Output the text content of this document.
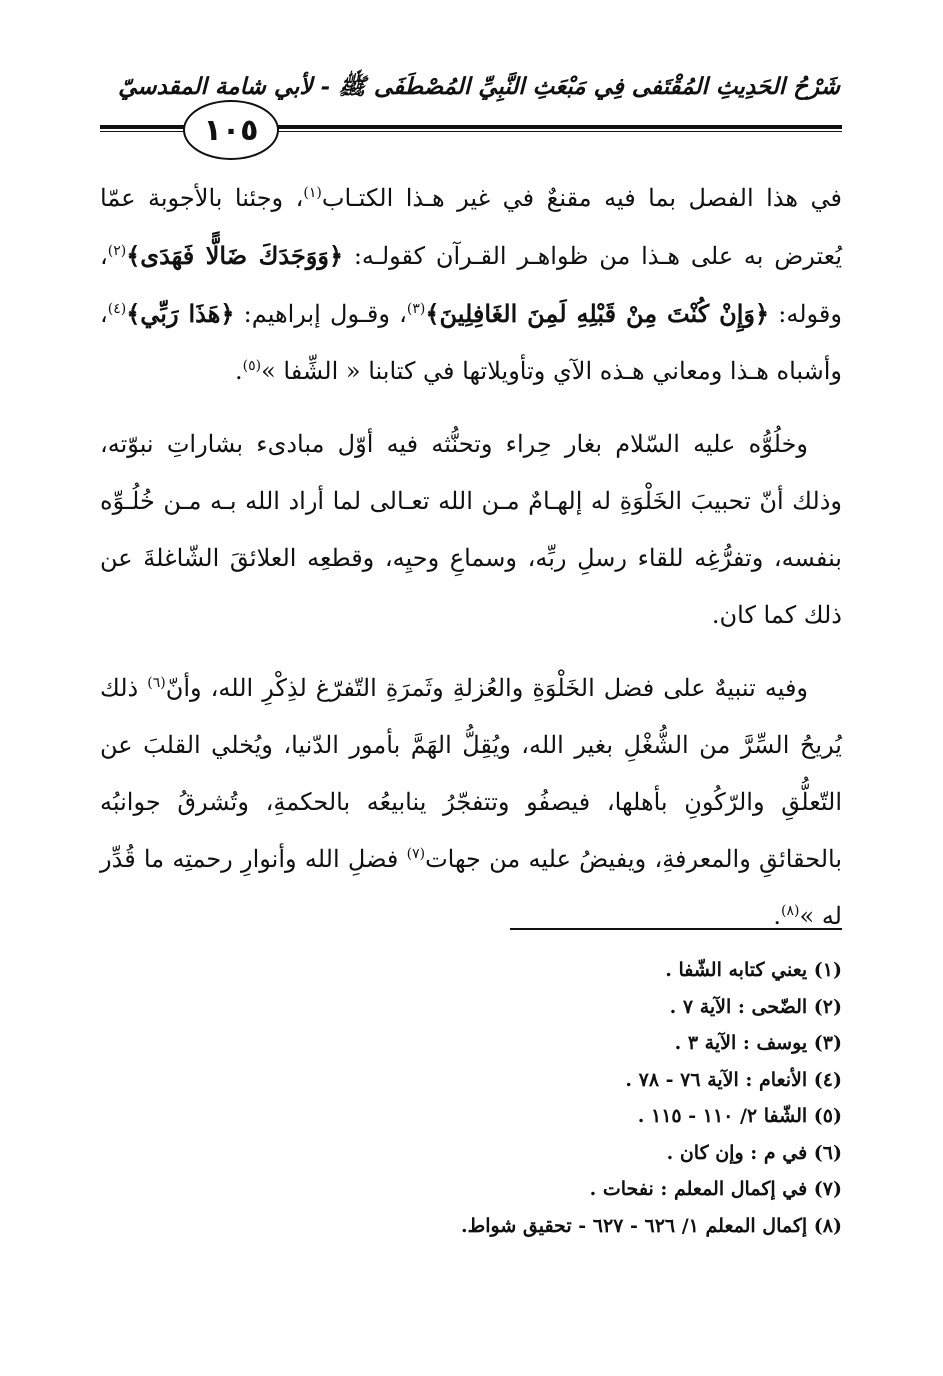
شَرْحُ الحَدِيثِ المُقْتَفى فِي مَبْعَثِ النَّبِيِّ المُصْطَفَى ﷺ - لأبي شامة المقدسيّ
١٠٥

في هذا الفصل بما فيه مقنعٌ في غير هـذا الكتـاب$^{(١)}$، وجئنا بالأجوبة عمّا يُعترض به على هـذا من ظواهـر القـرآن كقولـه: ﴿وَوَجَدَكَ ضَالًّا فَهَدَى﴾$^{(٢)}$، وقوله: ﴿وَإِنْ كُنْتَ مِنْ قَبْلِهِ لَمِنَ الغَافِلِينَ﴾$^{(٣)}$، وقـول إبراهيم: ﴿هَذَا رَبِّي﴾$^{(٤)}$، وأشباه هـذا ومعاني هـذه الآي وتأويلاتها في كتابنا « الشِّفا »$^{(٥)}$.

وخلُوُّه عليه السّلام بغار حِراء وتحنُّثه فيه أوّل مبادىء بشاراتِ نبوّته، وذلك أنّ تحبيبَ الخَلْوَةِ له إلهـامٌ مـن الله تعـالى لما أراد الله بـه مـن خُلُـوِّه بنفسه، وتفرُّغِه للقاء رسلِ ربِّه، وسماعِ وحيِه، وقطعِه العلائقَ الشّاغلةَ عن ذلك كما كان.

وفيه تنبيهٌ على فضل الخَلْوَةِ والعُزلةِ وثَمرَةِ التّفرّغ لذِكْرِ الله، وأنّ$^{(٦)}$ ذلك يُريحُ السِّرَّ من الشُّغْلِ بغير الله، ويُقِلُّ الهَمَّ بأمور الدّنيا، ويُخلي القلبَ عن التّعلُّقِ والرّكُونِ بأهلها، فيصفُو وتتفجّرُ ينابيعُه بالحكمةِ، وتُشرقُ جوانبُه بالحقائقِ والمعرفةِ، ويفيضُ عليه من جهات$^{(٧)}$ فضلِ الله وأنوارِ رحمتِه ما قُدِّر له »$^{(٨)}$.

(١) يعني كتابه الشّفا .
(٢) الضّحى : الآية ٧ .
(٣) يوسف : الآية ٣ .
(٤) الأنعام : الآية ٧٦ - ٧٨ .
(٥) الشّفا ٢/ ١١٠ - ١١٥ .
(٦) في م : وإن كان .
(٧) في إكمال المعلم : نفحات .
(٨) إكمال المعلم ١/ ٦٢٦ - ٦٢٧ - تحقيق شواط.
